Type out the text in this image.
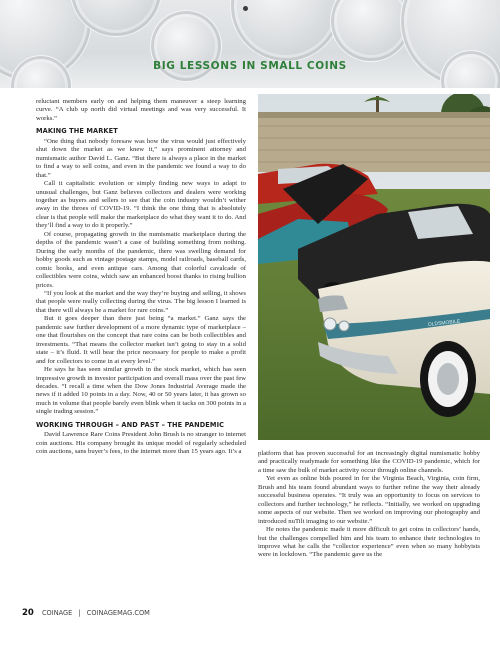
BIG LESSONS IN SMALL COINS

reluctant members early on and helping them maneuver a steep learning curve. “A club up north did virtual meetings and was very successful. It works.”

MAKING THE MARKET

“One thing that nobody foresaw was how the virus would just effectively shut down the market as we knew it,” says prominent attorney and numismatic author David L. Ganz. “But there is always a place in the market to find a way to sell coins, and even in the pandemic we found a way to do that.”

Call it capitalistic evolution or simply finding new ways to adapt to unusual challenges, but Ganz believes collectors and dealers were working together as buyers and sellers to see that the coin industry wouldn’t wither away in the throes of COVID-19. “I think the one thing that is absolutely clear is that people will make the marketplace do what they want it to do. And they’ll find a way to do it properly.”

Of course, propagating growth in the numismatic marketplace during the depths of the pandemic wasn’t a case of building something from nothing. During the early months of the pandemic, there was swelling demand for hobby goods such as vintage postage stamps, model railroads, baseball cards, comic books, and even antique cars. Among that colorful cavalcade of collectibles were coins, which saw an enhanced boost thanks to rising bullion prices.

“If you look at the market and the way they’re buying and selling, it shows that people were really collecting during the virus. The big lesson I learned is that there will always be a market for rare coins.”

But it goes deeper than there just being “a market.” Ganz says the pandemic saw further development of a more dynamic type of marketplace – one that flourishes on the concept that rare coins can be both collectibles and investments. “That means the collector market isn’t going to stay in a solid state – it’s fluid. It will bear the price necessary for people to make a profit and for collectors to come in at every level.”

He says he has seen similar growth in the stock market, which has seen impressive growth in investor participation and overall mass over the past few decades. “I recall a time when the Dow Jones Industrial Average made the news if it added 10 points in a day. Now, 40 or 50 years later, it has grown so much in volume that people barely even blink when it tacks on 300 points in a single trading session.”

WORKING THROUGH – AND PAST – THE PANDEMIC

David Lawrence Rare Coins President John Brush is no stranger to internet coin auctions. His company brought its unique model of regularly scheduled coin auctions, sans buyer’s fees, to the internet more than 15 years ago. It’s a

OLDSMOBILE

platform that has proven successful for an increasingly digital numismatic hobby and practically readymade for something like the COVID-19 pandemic, which for a time saw the bulk of market activity occur through online channels.

Yet even as online bids poured in for the Virginia Beach, Virginia, coin firm, Brush and his team found abundant ways to further refine the way their already successful business operates. “It truly was an opportunity to focus on services to collectors and further technology,” he reflects. “Initially, we worked on upgrading some aspects of our website. Then we worked on improving our photography and introduced nuTilt imaging to our website.”

He notes the pandemic made it more difficult to get coins in collectors’ hands, but the challenges compelled him and his team to enhance their technologies to improve what he calls the “collector experience” even when so many hobbyists were in lockdown. “The pandemic gave us the

20 COINAGE | COINAGEMAG.COM
